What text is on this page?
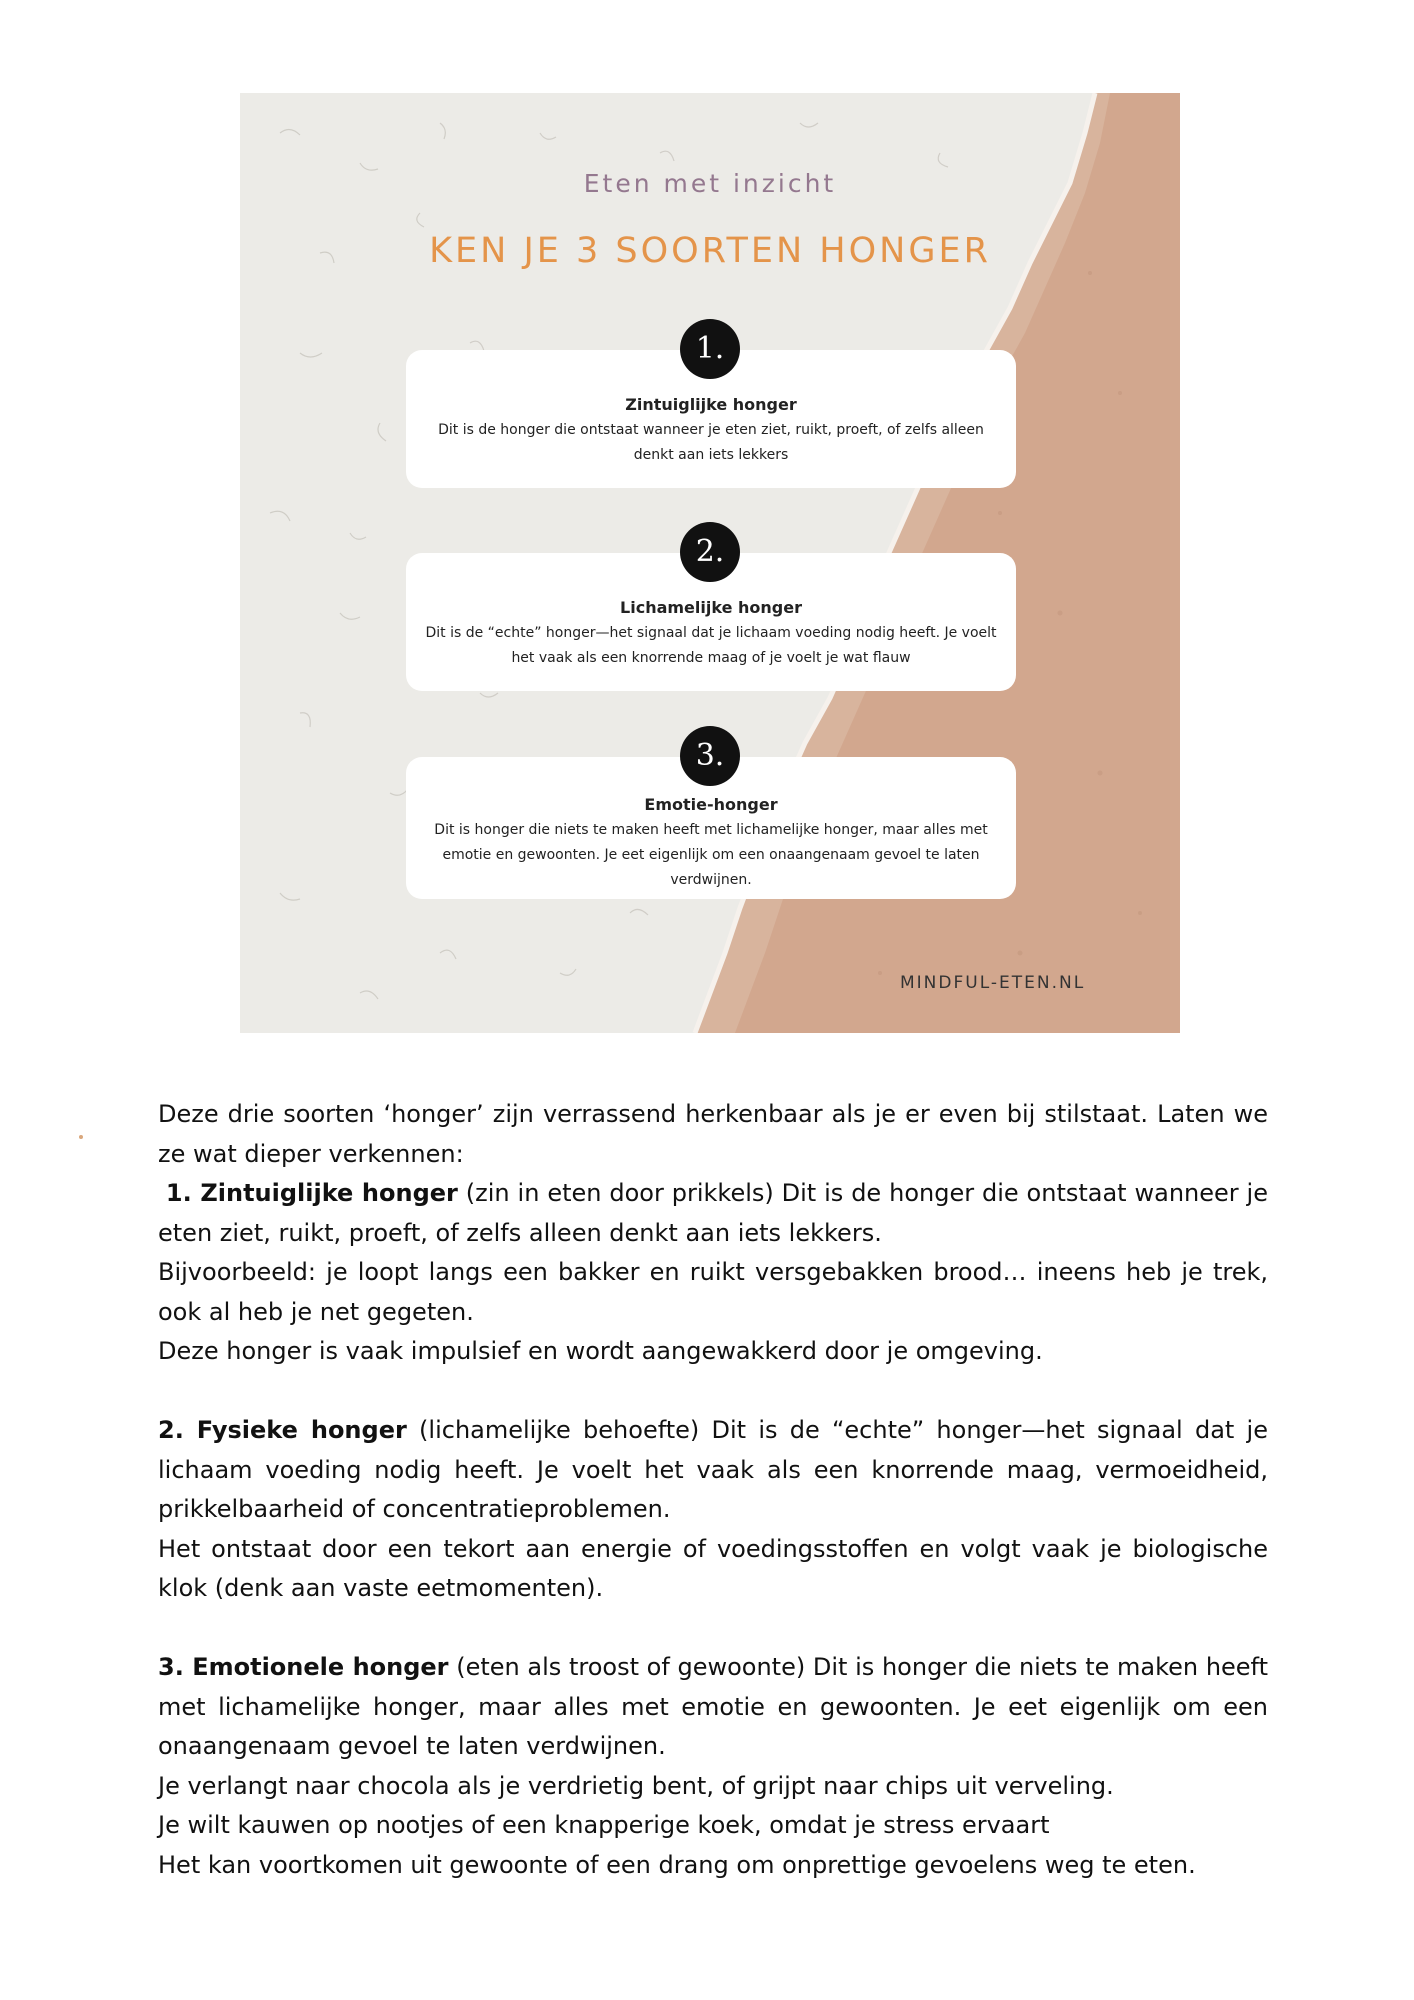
Eten met inzicht
KEN JE 3 SOORTEN HONGER
Zintuiglijke honger
Dit is de honger die ontstaat wanneer je eten ziet, ruikt, proeft, of zelfs alleen denkt aan iets lekkers
1.
Lichamelijke honger
Dit is de “echte” honger—het signaal dat je lichaam voeding nodig heeft. Je voelt het vaak als een knorrende maag of je voelt je wat flauw
2.
Emotie-honger
Dit is honger die niets te maken heeft met lichamelijke honger, maar alles met emotie en gewoonten. Je eet eigenlijk om een onaangenaam gevoel te laten verdwijnen.
3.
MINDFUL-ETEN.NL

Deze drie soorten ‘honger’ zijn verrassend herkenbaar als je er even bij stilstaat. Laten we ze wat dieper verkennen:

1. Zintuiglijke honger (zin in eten door prikkels) Dit is de honger die ontstaat wanneer je eten ziet, ruikt, proeft, of zelfs alleen denkt aan iets lekkers.

Bijvoorbeeld: je loopt langs een bakker en ruikt versgebakken brood… ineens heb je trek, ook al heb je net gegeten.

Deze honger is vaak impulsief en wordt aangewakkerd door je omgeving.

2. Fysieke honger (lichamelijke behoefte) Dit is de “echte” honger—het signaal dat je lichaam voeding nodig heeft. Je voelt het vaak als een knorrende maag, vermoeidheid, prikkelbaarheid of concentratieproblemen.

Het ontstaat door een tekort aan energie of voedingsstoffen en volgt vaak je biologische klok (denk aan vaste eetmomenten).

3. Emotionele honger (eten als troost of gewoonte) Dit is honger die niets te maken heeft met lichamelijke honger, maar alles met emotie en gewoonten. Je eet eigenlijk om een onaangenaam gevoel te laten verdwijnen.

Je verlangt naar chocola als je verdrietig bent, of grijpt naar chips uit verveling.

Je wilt kauwen op nootjes of een knapperige koek, omdat je stress ervaart

Het kan voortkomen uit gewoonte of een drang om onprettige gevoelens weg te eten.
